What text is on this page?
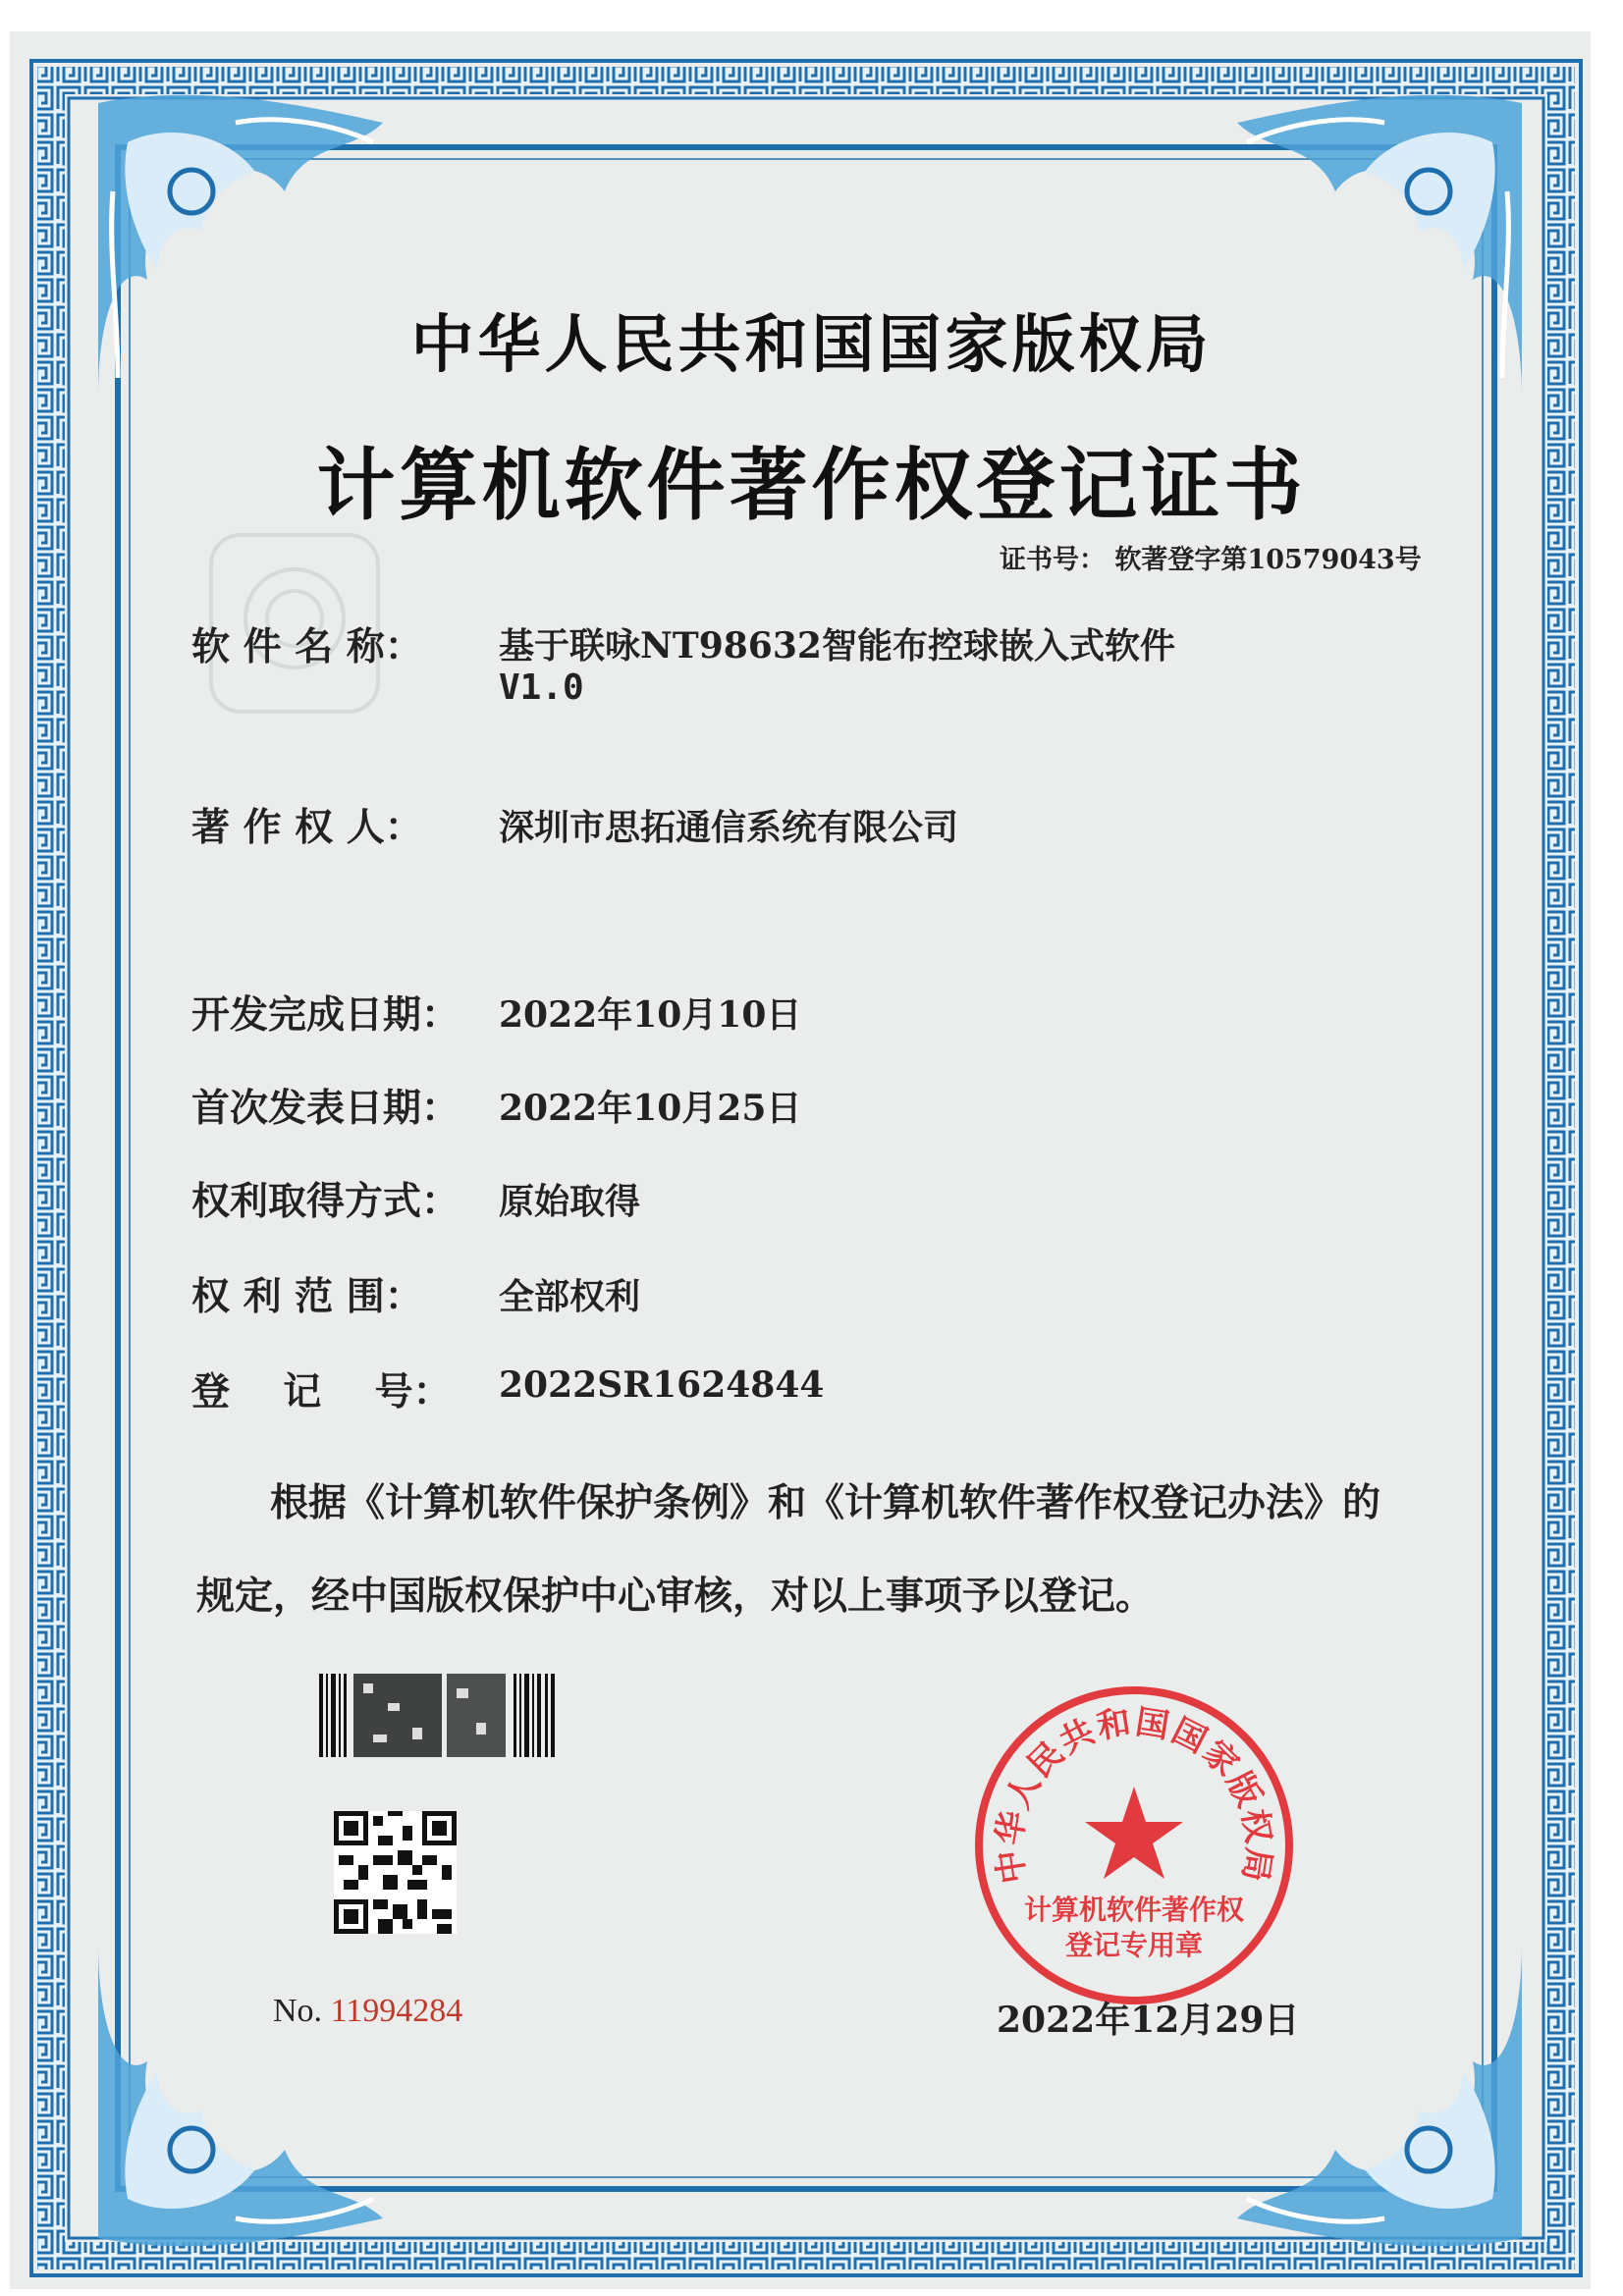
中华人民共和国国家版权局
计算机软件著作权登记证书
证书号： 软著登字第10579043号
软 件 名 称： 基于联咏NT98632智能布控球嵌入式软件
V1.0
著 作 权 人： 深圳市思拓通信系统有限公司
开发完成日期： 2022年10月10日
首次发表日期： 2022年10月25日
权利取得方式： 原始取得
权 利 范 围： 全部权利
登    记    号： 2022SR1624844
根据《计算机软件保护条例》和《计算机软件著作权登记办法》的
规定，经中国版权保护中心审核，对以上事项予以登记。
No. 11994284
中华人民共和国国家版权局
计算机软件著作权
登记专用章
2022年12月29日
